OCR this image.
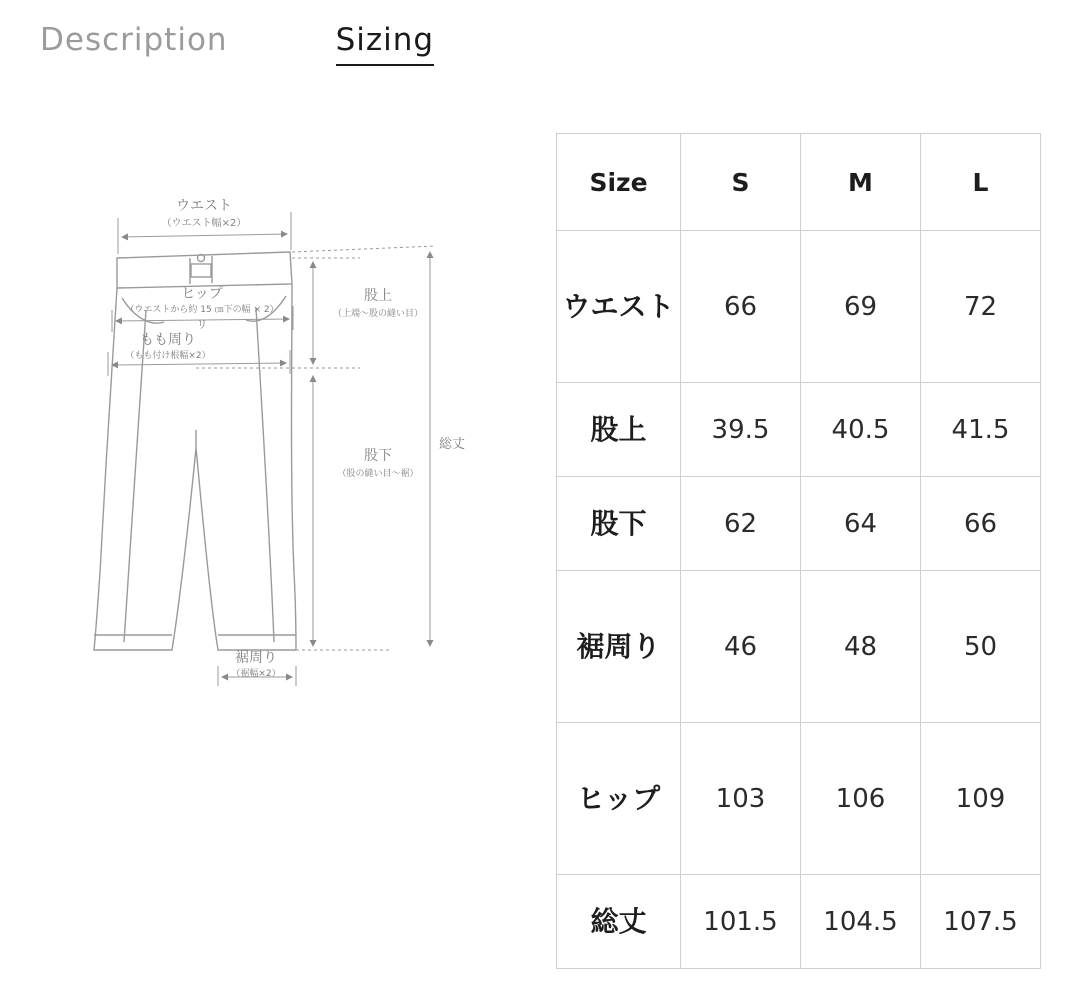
Description	Sizing
ウエスト
（ウエスト幅×2）
ヒップ
（ウエストから約 15 ㎝下の幅 × 2）
リ
もも周り
（もも付け根幅×2）
股上
（上端～股の縫い目）
股下
（股の縫い目～裾）
総丈
裾周り
（裾幅×2）
Size	S	M	L
ウエスト	66	69	72
股上	39.5	40.5	41.5
股下	62	64	66
裾周り	46	48	50
ヒップ	103	106	109
総丈	101.5	104.5	107.5
